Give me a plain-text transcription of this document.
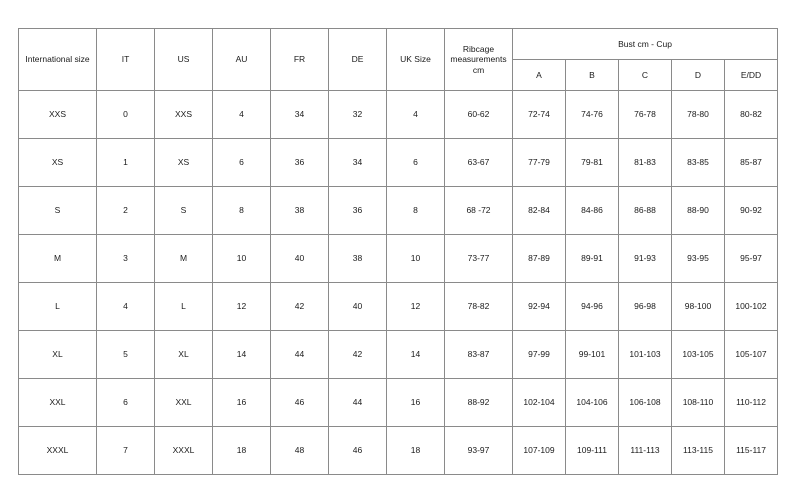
International size	IT	US	AU	FR	DE	UK Size	Ribcage measurements cm	Bust cm - Cup				
								A	B	C	D	E/DD
XXS	0	XXS	4	34	32	4	60-62	72-74	74-76	76-78	78-80	80-82
XS	1	XS	6	36	34	6	63-67	77-79	79-81	81-83	83-85	85-87
S	2	S	8	38	36	8	68 -72	82-84	84-86	86-88	88-90	90-92
M	3	M	10	40	38	10	73-77	87-89	89-91	91-93	93-95	95-97
L	4	L	12	42	40	12	78-82	92-94	94-96	96-98	98-100	100-102
XL	5	XL	14	44	42	14	83-87	97-99	99-101	101-103	103-105	105-107
XXL	6	XXL	16	46	44	16	88-92	102-104	104-106	106-108	108-110	110-112
XXXL	7	XXXL	18	48	46	18	93-97	107-109	109-111	111-113	113-115	115-117
